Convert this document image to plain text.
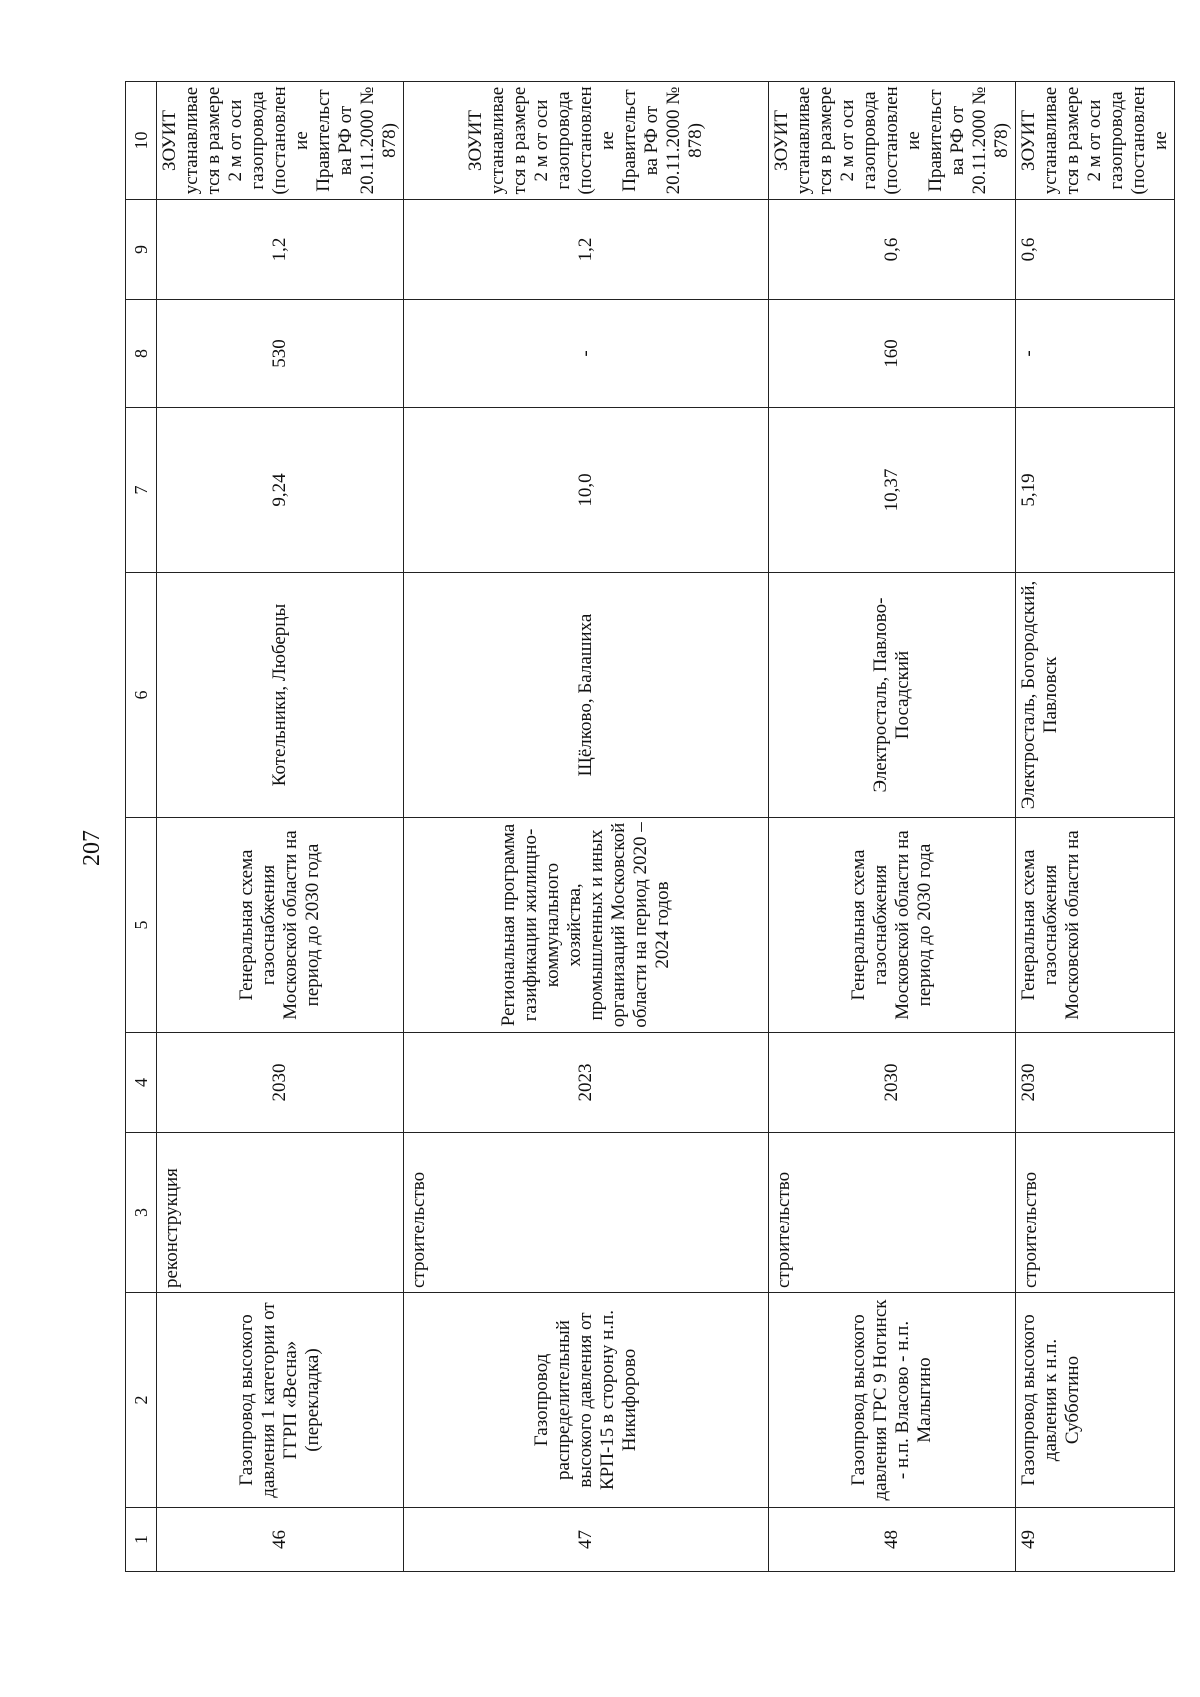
207
1	2	3	4	5	6	7	8	9	10
46	Газопровод высокого давления 1 категории от ГГРП «Весна» (перекладка)	реконструкция	2030	Генеральная схема газоснабжения Московской области на период до 2030 года	Котельники, Люберцы	9,24	530	1,2	ЗОУИТ устанавливается в размере 2 м от оси газопровода (постановление Правительства РФ от 20.11.2000 № 878)
47	Газопровод распределительный высокого давления от КРП-15 в сторону н.п. Никифорово	строительство	2023	Региональная программа газификации жилищно-коммунального хозяйства, промышленных и иных организаций Московской области на период 2020 – 2024 годов	Щёлково, Балашиха	10,0	-	1,2	ЗОУИТ устанавливается в размере 2 м от оси газопровода (постановление Правительства РФ от 20.11.2000 № 878)
48	Газопровод высокого давления ГРС 9 Ногинск - н.п. Власово - н.п. Малыгино	строительство	2030	Генеральная схема газоснабжения Московской области на период до 2030 года	Электросталь, Павлово-Посадский	10,37	160	0,6	ЗОУИТ устанавливается в размере 2 м от оси газопровода (постановление Правительства РФ от 20.11.2000 № 878)
49	Газопровод высокого давления к н.п. Субботино	строительство	2030	Генеральная схема газоснабжения Московской области на	Электросталь, Богородский, Павловск	5,19	-	0,6	ЗОУИТ устанавливается в размере 2 м от оси газопровода (постановление
